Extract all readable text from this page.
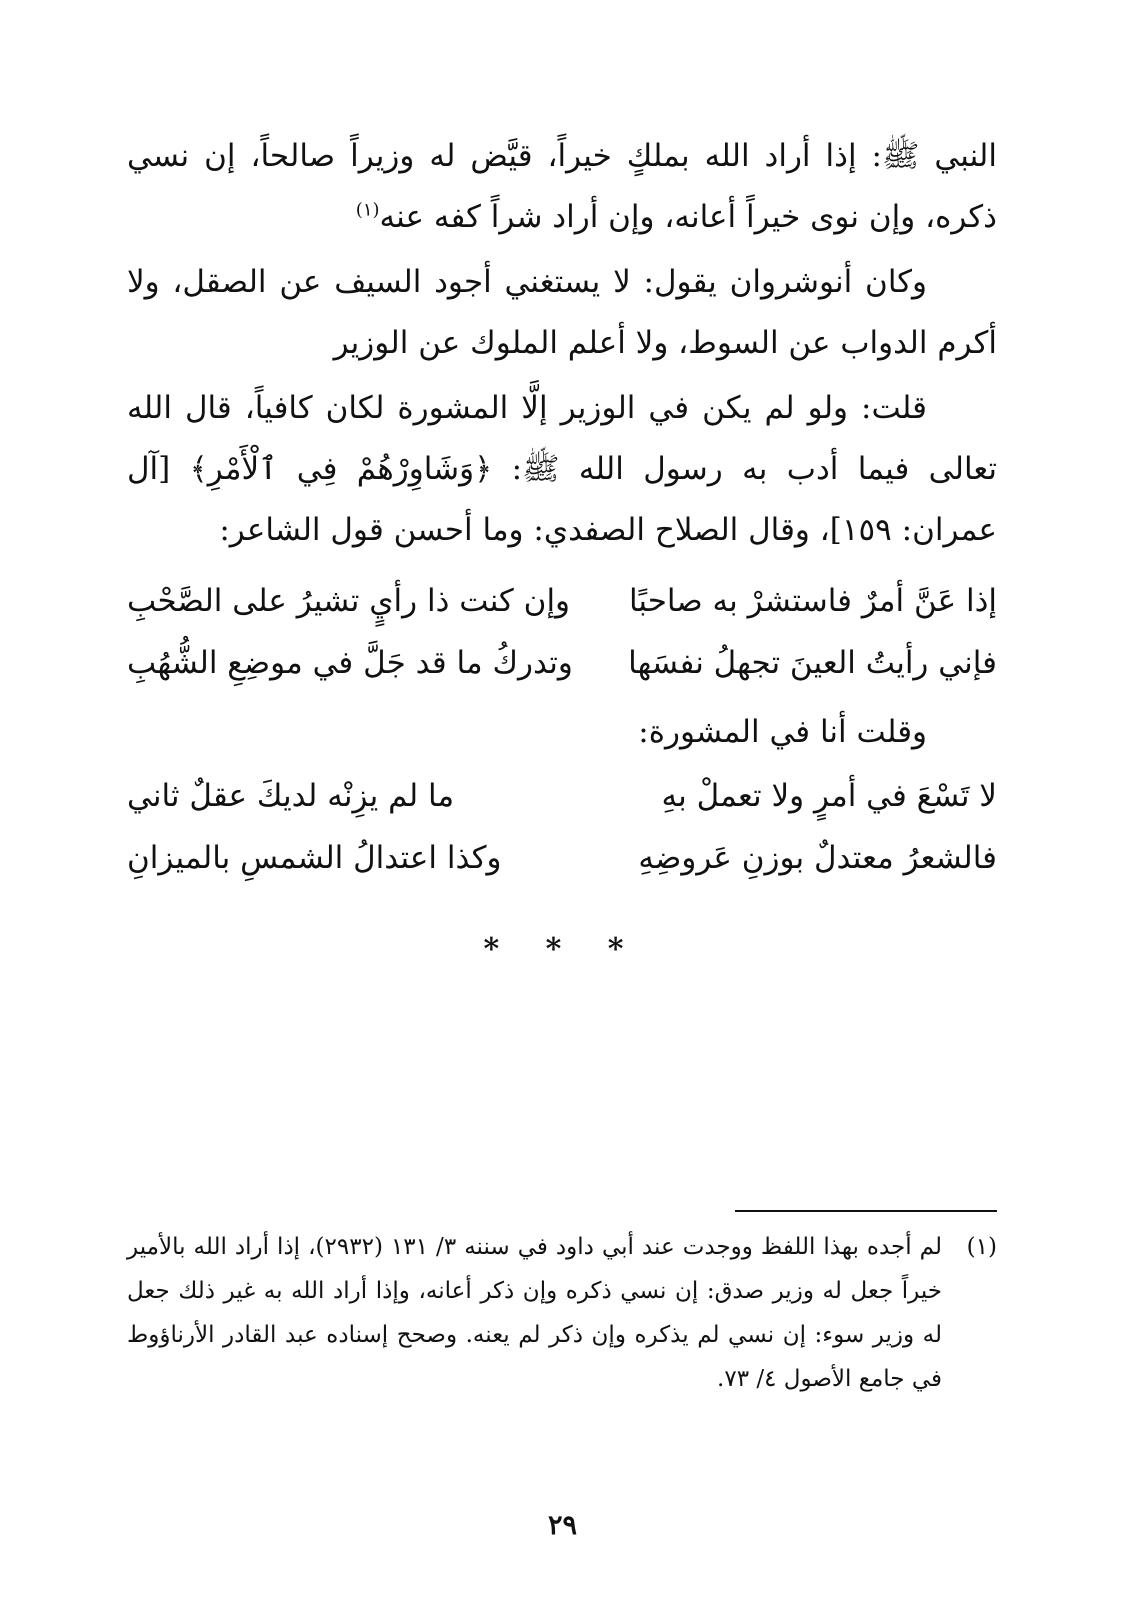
النبي ﷺ: إذا أراد الله بملكٍ خيراً، قيَّض له وزيراً صالحاً، إن نسي ذكره، وإن نوى خيراً أعانه، وإن أراد شراً كفه عنه$^{(١)}$

وكان أنوشروان يقول: لا يستغني أجود السيف عن الصقل، ولا أكرم الدواب عن السوط، ولا أعلم الملوك عن الوزير

قلت: ولو لم يكن في الوزير إلَّا المشورة لكان كافياً، قال الله تعالى فيما أدب به رسول الله ﷺ: ﴿وَشَاوِرْهُمْ فِي ٱلْأَمْرِ﴾ [آل عمران: ١٥٩]، وقال الصلاح الصفدي: وما أحسن قول الشاعر:

إذا عَنَّ أمرٌ فاستشرْ به صاحبًا
وإن كنت ذا رأيٍ تشيرُ على الصَّحْبِ
فإني رأيتُ العينَ تجهلُ نفسَها
وتدركُ ما قد جَلَّ في موضِعِ الشُّهُبِ

وقلت أنا في المشورة:

لا تَسْعَ في أمرٍ ولا تعملْ بهِ
ما لم يزِنْه لديكَ عقلٌ ثاني
فالشعرُ معتدلٌ بوزنِ عَروضِهِ
وكذا اعتدالُ الشمسِ بالميزانِ
* * *
(١)
لم أجده بهذا اللفظ ووجدت عند أبي داود في سننه ٣/ ١٣١ (٢٩٣٢)، إذا أراد الله بالأمير خيراً جعل له وزير صدق: إن نسي ذكره وإن ذكر أعانه، وإذا أراد الله به غير ذلك جعل له وزير سوء: إن نسي لم يذكره وإن ذكر لم يعنه. وصحح إسناده عبد القادر الأرناؤوط في جامع الأصول ٤/ ٧٣.
٢٩
